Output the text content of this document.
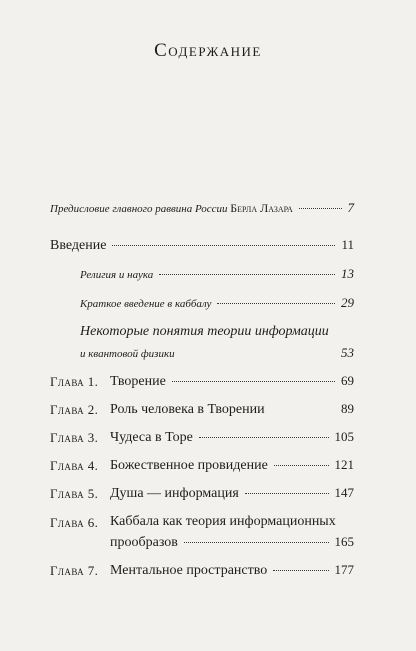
Содержание
Предисловие главного раввина России Берла Лазара	7
Введение	11
Религия и наука	13
Краткое введение в каббалу	29
Некоторые понятия теории информации
и квантовой физики	53
Глава 1. Творение	69
Глава 2. Роль человека в Творении	89
Глава 3. Чудеса в Торе	105
Глава 4. Божественное провидение	121
Глава 5. Душа — информация	147
Глава 6. Каббала как теория информационных
прообразов	165
Глава 7. Ментальное пространство	177
